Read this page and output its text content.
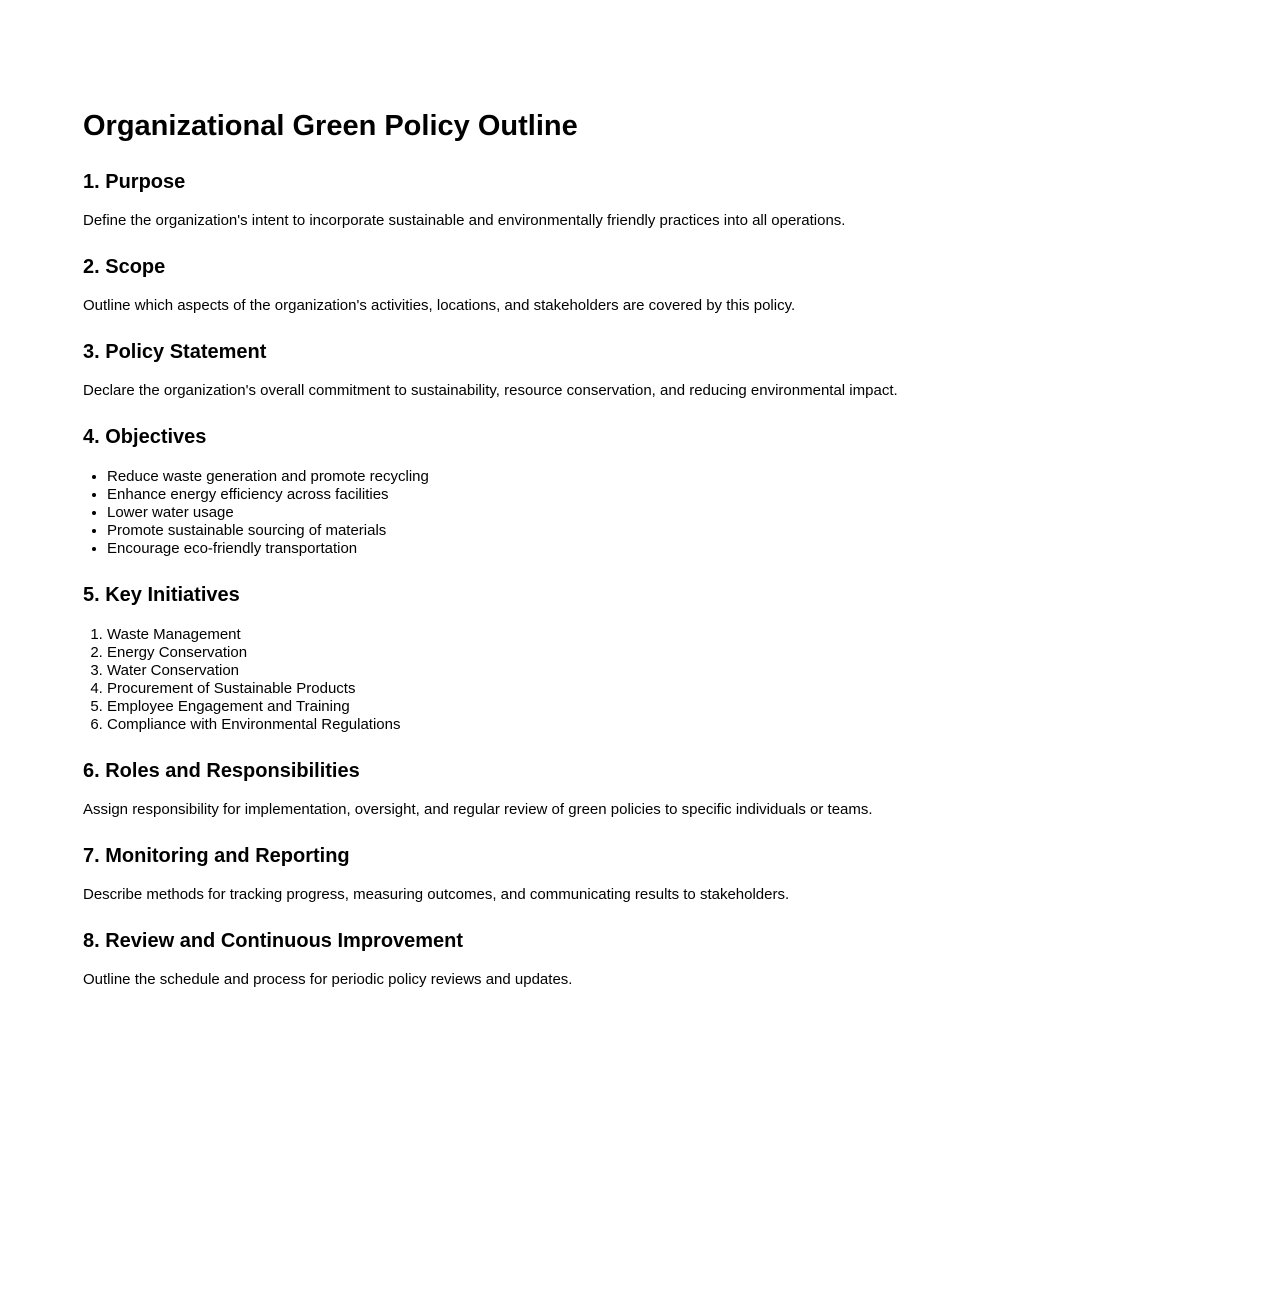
Organizational Green Policy Outline
1. Purpose

Define the organization's intent to incorporate sustainable and environmentally friendly practices into all operations.

2. Scope

Outline which aspects of the organization's activities, locations, and stakeholders are covered by this policy.

3. Policy Statement

Declare the organization's overall commitment to sustainability, resource conservation, and reducing environmental impact.

4. Objectives
• Reduce waste generation and promote recycling
• Enhance energy efficiency across facilities
• Lower water usage
• Promote sustainable sourcing of materials
• Encourage eco-friendly transportation
5. Key Initiatives
1. Waste Management
2. Energy Conservation
3. Water Conservation
4. Procurement of Sustainable Products
5. Employee Engagement and Training
6. Compliance with Environmental Regulations
6. Roles and Responsibilities

Assign responsibility for implementation, oversight, and regular review of green policies to specific individuals or teams.

7. Monitoring and Reporting

Describe methods for tracking progress, measuring outcomes, and communicating results to stakeholders.

8. Review and Continuous Improvement

Outline the schedule and process for periodic policy reviews and updates.
